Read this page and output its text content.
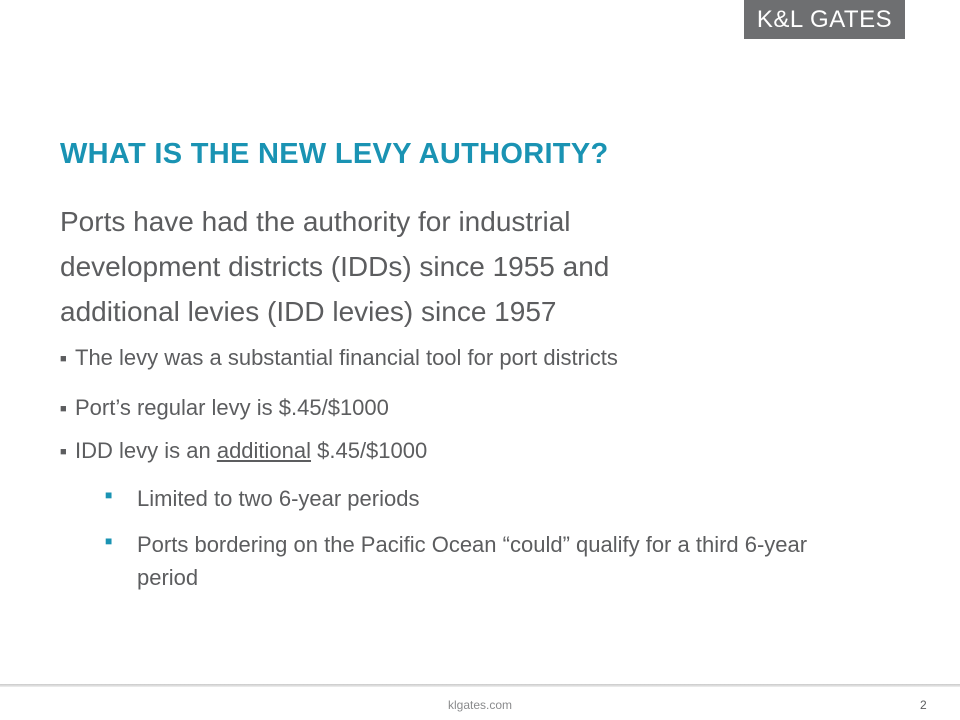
K&L GATES
WHAT IS THE NEW LEVY AUTHORITY?

Ports have had the authority for industrial
development districts (IDDs) since 1955 and
additional levies (IDD levies) since 1957

■ The levy was a substantial financial tool for port districts
■ Port’s regular levy is $.45/$1000
■ IDD levy is an additional $.45/$1000
■	Limited to two 6-year periods
■	Ports bordering on the Pacific Ocean “could” qualify for a third 6-year period
klgates.com	2
